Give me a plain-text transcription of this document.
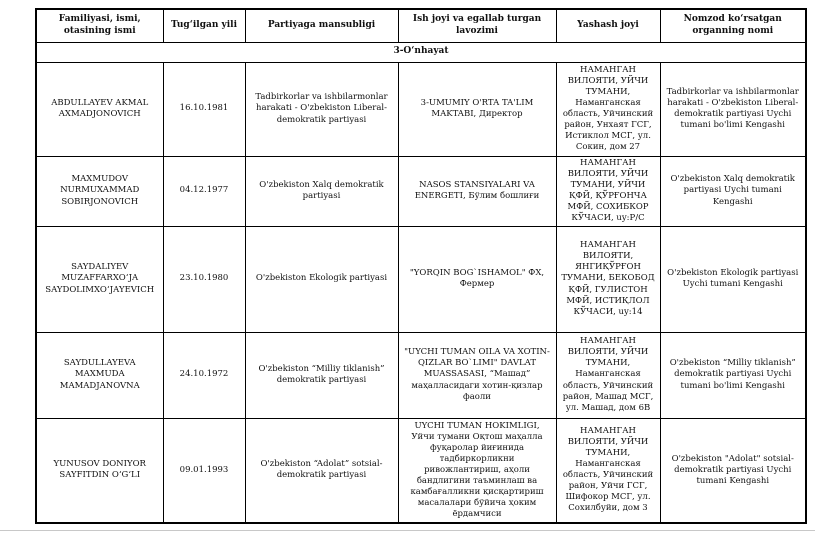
Familiyasi, ismi, otasining ismi	Tug‘ilgan yili	Partiyaga mansubligi	Ish joyi va egallab turgan lavozimi	Yashash joyi	Nomzod ko‘rsatgan organning nomi
3-O‘nhayat					
ABDULLAYEV AKMAL AXMADJONOVICH	16.10.1981	Tadbirkorlar va ishbilarmonlar harakati - O'zbekiston Liberal-demokratik partiyasi	3-UMUMIY O'RTA TA'LIM MAKTABI, Директор	НАМАНГАН ВИЛОЯТИ, УЙЧИ ТУМАНИ, Наманганская область, Уйчинский район, Унхаят ГСГ, Истиклол МСГ, ул. Сокин, дом 27	Tadbirkorlar va ishbilarmonlar harakati - O'zbekiston Liberal-demokratik partiyasi Uychi tumani bo'limi Kengashi
MAXMUDOV NURMUXAMMAD SOBIRJONOVICH	04.12.1977	O'zbekiston Xalq demokratik partiyasi	NASOS STANSIYALARI VA ENERGETI, Бўлим бошлиғи	НАМАНГАН ВИЛОЯТИ, УЙЧИ ТУМАНИ, УЙЧИ ҚФЙ, ҚЎРҒОНЧА МФЙ, СОХИБКОР КЎЧАСИ, uy:Р/С	O'zbekiston Xalq demokratik partiyasi Uychi tumani Kengashi
SAYDALIYEV MUZAFFARXO‘JA SAYDOLIMXO‘JAYEVICH	23.10.1980	O'zbekiston Ekologik partiyasi	"YORQIN BOG`ISHAMOL" ФХ, Фермер	НАМАНГАН ВИЛОЯТИ, ЯНГИҚЎРҒОН ТУМАНИ, БЕКОБОД ҚФЙ, ГУЛИСТОН МФЙ, ИСТИҚЛОЛ КЎЧАСИ, uy:14	O'zbekiston Ekologik partiyasi Uychi tumani Kengashi
SAYDULLAYEVA MAXMUDA MAMADJANOVNA	24.10.1972	O'zbekiston “Milliy tiklanish” demokratik partiyasi	"UYCHI TUMAN OILA VA XOTIN-QIZLAR BO`LIMI" DAVLAT MUASSASASI, “Машад” маҳалласидаги хотин-қизлар фаоли	НАМАНГАН ВИЛОЯТИ, УЙЧИ ТУМАНИ, Наманганская область, Уйчинский район, Машад МСГ, ул. Машад, дом 6В	O'zbekiston “Milliy tiklanish” demokratik partiyasi Uychi tumani bo'limi Kengashi
YUNUSOV DONIYOR SAYFITDIN O‘G‘LI	09.01.1993	O'zbekiston “Adolat” sotsial-demokratik partiyasi	UYCHI TUMAN HOKIMLIGI, Уйчи тумани Оқтош маҳалла фуқаролар йиғинида тадбиркорликни ривожлантириш, аҳоли бандлигини таъминлаш ва камбағалликни қисқартириш масалалари бўйича ҳоким ёрдамчиси	НАМАНГАН ВИЛОЯТИ, УЙЧИ ТУМАНИ, Наманганская область, Уйчинский район, Уйчи ГСГ, Шифокор МСГ, ул. Сохилбуйи, дом 3	O'zbekiston "Adolat" sotsial-demokratik partiyasi Uychi tumani Kengashi
